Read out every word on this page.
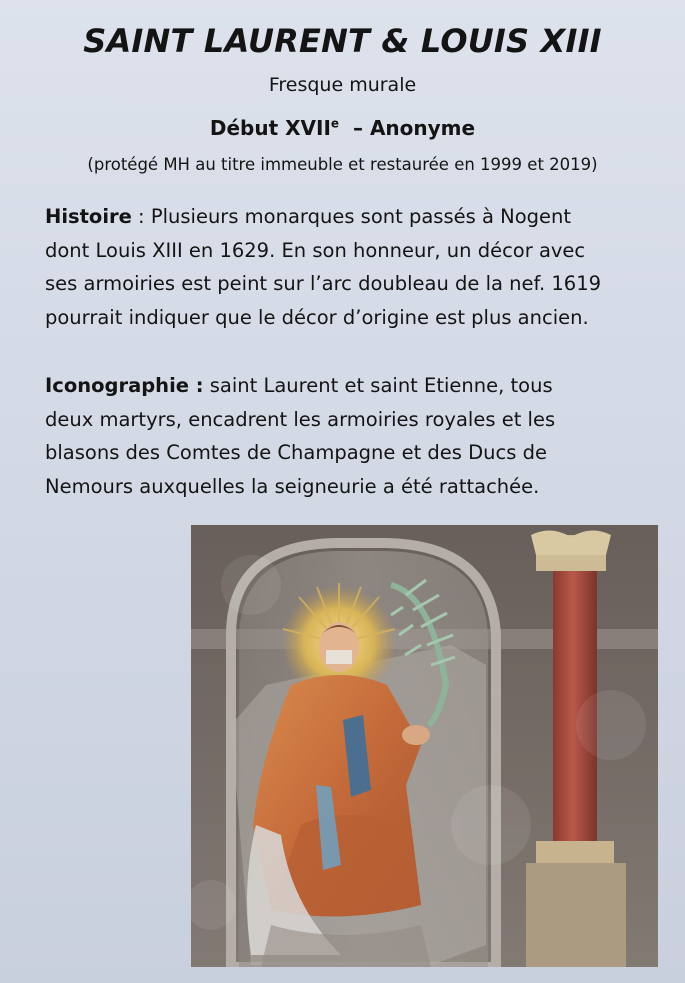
SAINT LAURENT & LOUIS XIII
Fresque murale
Début XVIIe  – Anonyme
(protégé MH au titre immeuble et restaurée en 1999 et 2019)
Histoire : Plusieurs monarques sont passés à Nogent
dont Louis XIII en 1629. En son honneur, un décor avec
ses armoiries est peint sur l’arc doubleau de la nef. 1619
pourrait indiquer que le décor d’origine est plus ancien.
Iconographie : saint Laurent et saint Etienne, tous
deux martyrs, encadrent les armoiries royales et les
blasons des Comtes de Champagne et des Ducs de
Nemours auxquelles la seigneurie a été rattachée.
